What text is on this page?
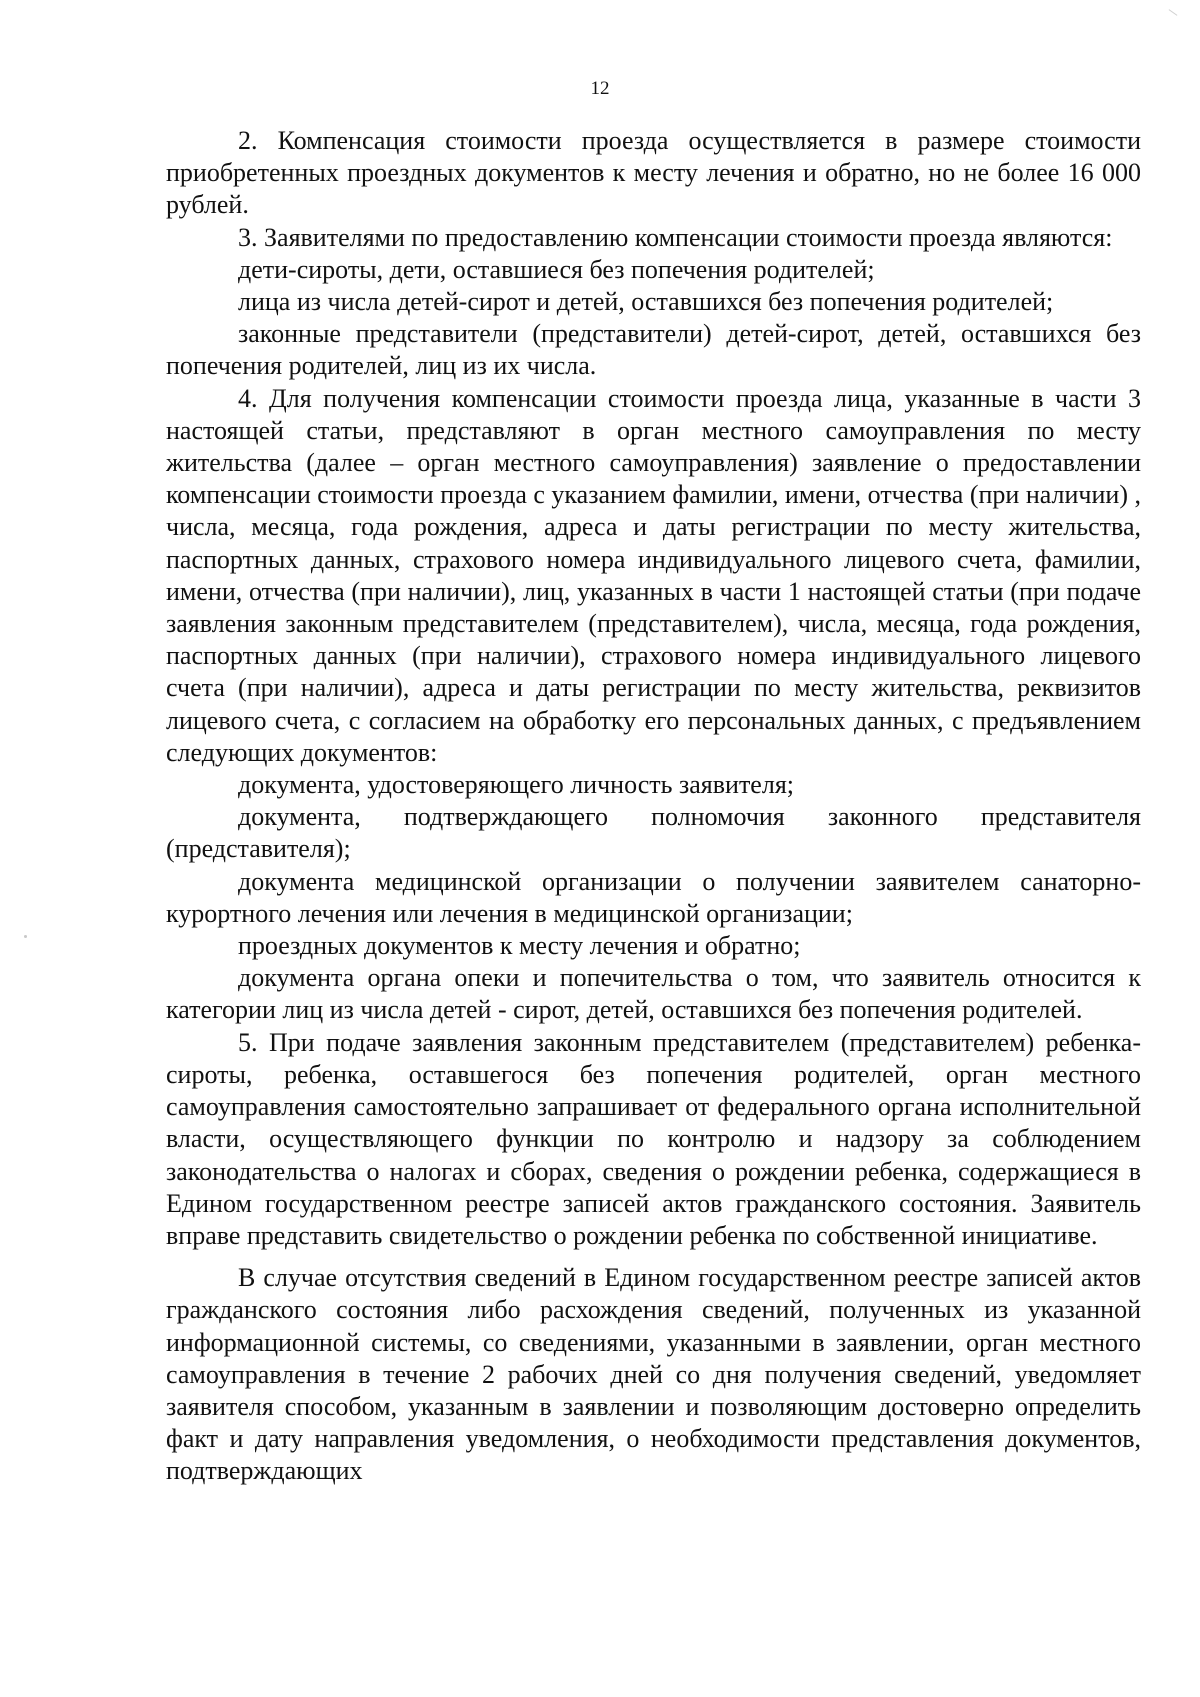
12

2. Компенсация стоимости проезда осуществляется в размере стоимости приобретенных проездных документов к месту лечения и обратно, но не более 16 000 рублей.

3. Заявителями по предоставлению компенсации стоимости проезда являются:

дети-сироты, дети, оставшиеся без попечения родителей;

лица из числа детей-сирот и детей, оставшихся без попечения родителей;

законные представители (представители) детей-сирот, детей, оставшихся без попечения родителей, лиц из их числа.

4. Для получения компенсации стоимости проезда лица, указанные в части 3 настоящей статьи, представляют в орган местного самоуправления по месту жительства (далее – орган местного самоуправления) заявление о предоставлении компенсации стоимости проезда с указанием фамилии, имени, отчества (при наличии) , числа, месяца, года рождения, адреса и даты регистрации по месту жительства, паспортных данных, страхового номера индивидуального лицевого счета, фамилии, имени, отчества (при наличии), лиц, указанных в части 1 настоящей статьи (при подаче заявления законным представителем (представителем), числа, месяца, года рождения, паспортных данных (при наличии), страхового номера индивидуального лицевого счета (при наличии), адреса и даты регистрации по месту жительства, реквизитов лицевого счета, с согласием на обработку его персональных данных, с предъявлением следующих документов:

документа, удостоверяющего личность заявителя;

документа, подтверждающего полномочия законного представителя (представителя);

документа медицинской организации о получении заявителем санаторно-курортного лечения или лечения в медицинской организации;

проездных документов к месту лечения и обратно;

документа органа опеки и попечительства о том, что заявитель относится к категории лиц из числа детей - сирот, детей, оставшихся без попечения родителей.

5. При подаче заявления законным представителем (представителем) ребенка-сироты, ребенка, оставшегося без попечения родителей, орган местного самоуправления самостоятельно запрашивает от федерального органа исполнительной власти, осуществляющего функции по контролю и надзору за соблюдением законодательства о налогах и сборах, сведения о рождении ребенка, содержащиеся в Едином государственном реестре записей актов гражданского состояния. Заявитель вправе представить свидетельство о рождении ребенка по собственной инициативе.

В случае отсутствия сведений в Едином государственном реестре записей актов гражданского состояния либо расхождения сведений, полученных из указанной информационной системы, со сведениями, указанными в заявлении, орган местного самоуправления в течение 2 рабочих дней со дня получения сведений, уведомляет заявителя способом, указанным в заявлении и позволяющим достоверно определить факт и дату направления уведомления, о необходимости представления документов, подтверждающих
